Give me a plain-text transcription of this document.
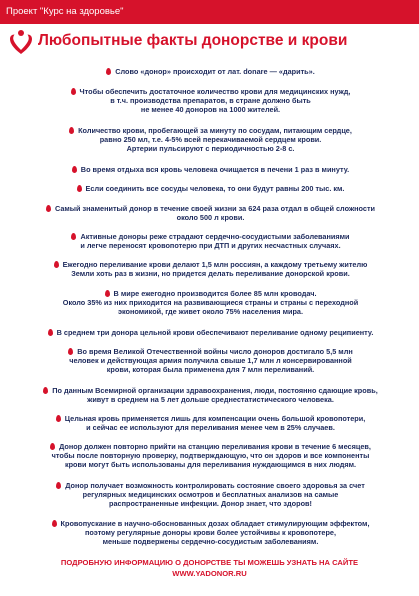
Проект "Курс на здоровье"
Любопытные факты донорстве и крови
Слово «донор» происходит от лат. donare — «дарить».
Чтобы обеспечить достаточное количество крови для медицинских нужд,
в т.ч. производства препаратов, в стране должно быть
не менее 40 доноров на 1000 жителей.
Количество крови, пробегающей за минуту по сосудам, питающим сердце,
равно 250 мл, т.е. 4-5% всей перекачиваемой сердцем крови.
Артерии пульсируют с периодичностью 2-8 с.
Во время отдыха вся кровь человека очищается в печени 1 раз в минуту.
Если соединить все сосуды человека, то они будут равны 200 тыс. км.
Самый знаменитый донор в течение своей жизни за 624 раза отдал в общей сложности
около 500 л крови.
Активные доноры реже страдают сердечно-сосудистыми заболеваниями
и легче переносят кровопотерю при ДТП и других несчастных случаях.
Ежегодно переливание крови делают 1,5 млн россиян, а каждому третьему жителю
Земли хоть раз в жизни, но придется делать переливание донорской крови.
В мире ежегодно производится более 85 млн кроводач.
Около 35% из них приходится на развивающиеся страны и страны с переходной
экономикой, где живет около 75% населения мира.
В среднем три донора цельной крови обеспечивают переливание одному реципиенту.
Во время Великой Отечественной войны число доноров достигало 5,5 млн
человек и действующая армия получила свыше 1,7 млн л консервированной
крови, которая была применена для 7 млн переливаний.
По данным Всемирной организации здравоохранения, люди, постоянно сдающие кровь,
живут в среднем на 5 лет дольше среднестатистического человека.
Цельная кровь применяется лишь для компенсации очень большой кровопотери,
и сейчас ее используют для переливания менее чем в 25% случаев.
Донор должен повторно прийти на станцию переливания крови в течение 6 месяцев,
чтобы после повторную проверку, подтверждающую, что он здоров и все компоненты
крови могут быть использованы для переливания нуждающимся в них людям.
Донор получает возможность контролировать состояние своего здоровья за счет
регулярных медицинских осмотров и бесплатных анализов на самые
распространенные инфекции. Донор знает, что здоров!
Кровопускание в научно-обоснованных дозах обладает стимулирующим эффектом,
поэтому регулярные доноры крови более устойчивы к кровопотере,
меньше подвержены сердечно-сосудистым заболеваниям.
ПОДРОБНУЮ ИНФОРМАЦИЮ О ДОНОРСТВЕ ТЫ МОЖЕШЬ УЗНАТЬ НА САЙТЕ
WWW.YADONOR.RU
